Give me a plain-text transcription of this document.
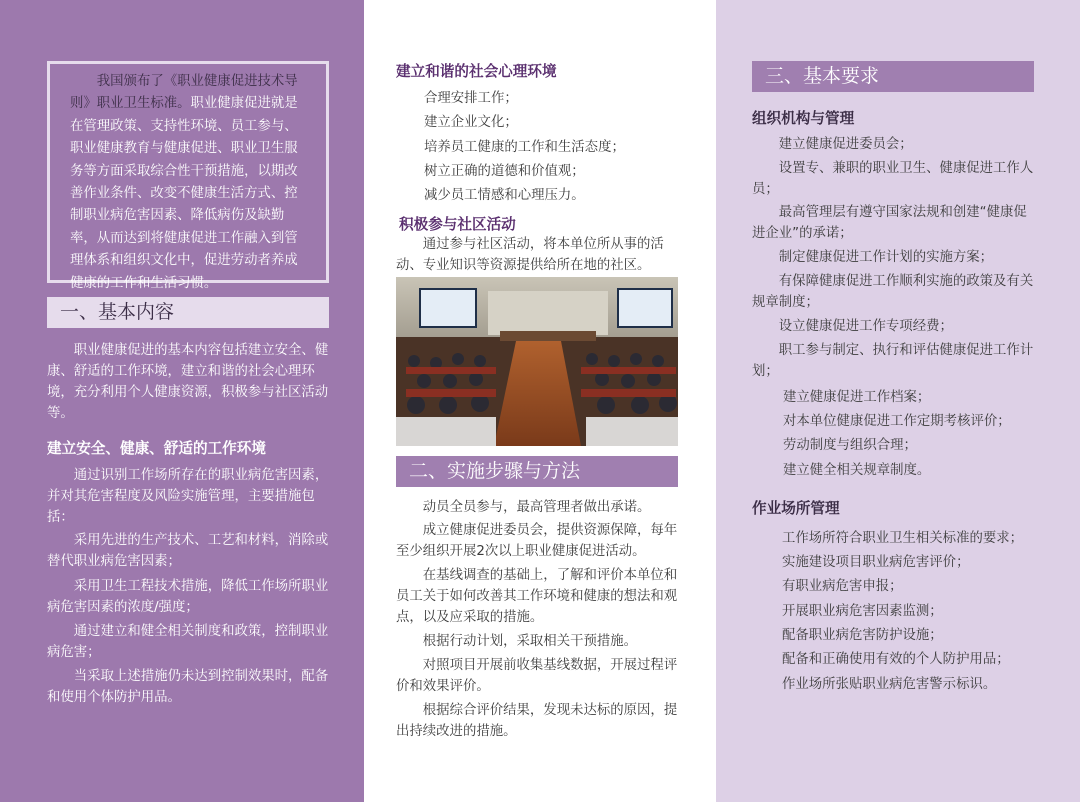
我国颁布了《职业健康促进技术导则》职业卫生标准。职业健康促进就是在管理政策、支持性环境、员工参与、职业健康教育与健康促进、职业卫生服务等方面采取综合性干预措施，以期改善作业条件、改变不健康生活方式、控制职业病危害因素、降低病伤及缺勤率，从而达到将健康促进工作融入到管理体系和组织文化中，促进劳动者养成健康的工作和生活习惯。
一、基本内容

职业健康促进的基本内容包括建立安全、健康、舒适的工作环境，建立和谐的社会心理环境，充分利用个人健康资源，积极参与社区活动等。

建立安全、健康、舒适的工作环境

通过识别工作场所存在的职业病危害因素，并对其危害程度及风险实施管理，主要措施包括：

采用先进的生产技术、工艺和材料，消除或替代职业病危害因素；

采用卫生工程技术措施，降低工作场所职业病危害因素的浓度/强度；

通过建立和健全相关制度和政策，控制职业病危害；

当采取上述措施仍未达到控制效果时，配备和使用个体防护用品。

建立和谐的社会心理环境
合理安排工作；
建立企业文化；
培养员工健康的工作和生活态度；
树立正确的道德和价值观；
减少员工情感和心理压力。
积极参与社区活动

通过参与社区活动，将本单位所从事的活动、专业知识等资源提供给所在地的社区。

二、实施步骤与方法

动员全员参与，最高管理者做出承诺。

成立健康促进委员会，提供资源保障，每年至少组织开展2次以上职业健康促进活动。

在基线调查的基础上，了解和评价本单位和员工关于如何改善其工作环境和健康的想法和观点，以及应采取的措施。

根据行动计划，采取相关干预措施。

对照项目开展前收集基线数据，开展过程评价和效果评价。

根据综合评价结果，发现未达标的原因，提出持续改进的措施。

三、基本要求
组织机构与管理

建立健康促进委员会；

设置专、兼职的职业卫生、健康促进工作人员；

最高管理层有遵守国家法规和创建“健康促进企业”的承诺；

制定健康促进工作计划的实施方案；

有保障健康促进工作顺利实施的政策及有关规章制度；

设立健康促进工作专项经费；

职工参与制定、执行和评估健康促进工作计划；

建立健康促进工作档案；
对本单位健康促进工作定期考核评价；
劳动制度与组织合理；
建立健全相关规章制度。
作业场所管理
工作场所符合职业卫生相关标准的要求；
实施建设项目职业病危害评价；
有职业病危害申报；
开展职业病危害因素监测；
配备职业病危害防护设施；
配备和正确使用有效的个人防护用品；
作业场所张贴职业病危害警示标识。
